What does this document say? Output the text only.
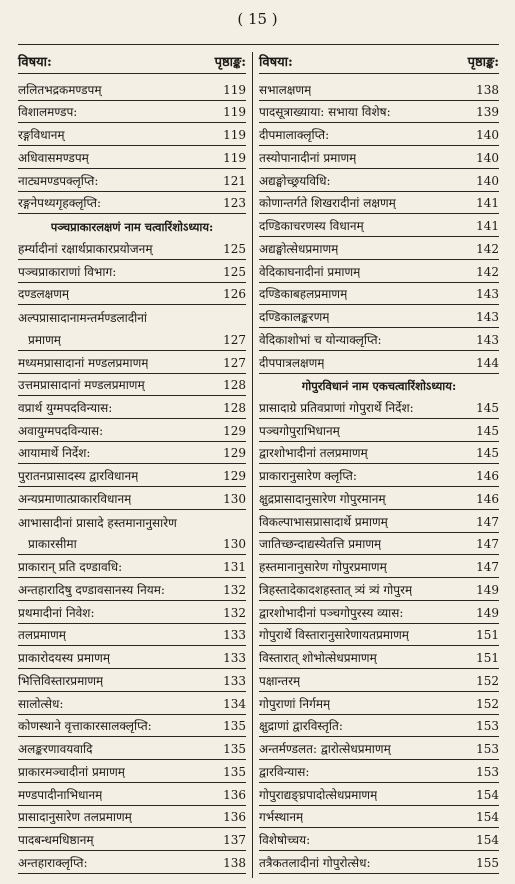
( 15 )
विषया:	पृष्ठाङ्क:
ललितभद्रकमण्डपम्	119
विशालमण्डप:	119
रङ्गविधानम्	119
अधिवासमण्डपम्	119
नाट्यमण्डपक्लृप्ति:	121
रङ्गनेपथ्यगृहक्लृप्ति:	123
पञ्चप्राकारलक्षणं नाम चत्वारिंशोऽध्याय:
हर्म्यादीनां रक्षार्थप्राकारप्रयोजनम्	125
पञ्चप्राकाराणां विभाग:	125
दण्डलक्षणम्	126
अल्पप्रासादानामन्तर्मण्डलादीनां
प्रमाणम्	127
मध्यमप्रासादानां मण्डलप्रमाणम्	127
उत्तमप्रासादानां मण्डलप्रमाणम्	128
वप्रार्थ युग्मपदविन्यास:	128
अवायुग्मपदविन्यास:	129
आयामार्थे निर्देश:	129
पुरातनप्रासादस्य द्वारविधानम्	129
अन्यप्रमाणात्प्राकारविधानम्	130
आभासादीनां प्रासादे हस्तमानानुसारेण
प्राकारसीमा	130
प्राकारान् प्रति दण्डावधि:	131
अन्तहारादिषु दण्डावसानस्य नियम:	132
प्रथमादीनां निवेश:	132
तलप्रमाणम्	133
प्राकारोदयस्य प्रमाणम्	133
भित्तिविस्तारप्रमाणम्	133
सालोत्सेध:	134
कोणस्थाने वृत्ताकारसालक्लृप्ति:	135
अलङ्करणावयवादि	135
प्राकारमञ्चादीनां प्रमाणम्	135
मण्डपादीनाभिधानम्	136
प्रासादानुसारेण तलप्रमाणम्	136
पादबन्धमधिष्ठानम्	137
अन्तहाराक्लृप्ति:	138
विषया:	पृष्ठाङ्क:
सभालक्षणम्	138
पादसूत्राख्याया: सभाया विशेष:	139
दीपमालाक्लृप्ति:	140
तस्योपानादीनां प्रमाणम्	140
अद्यङ्घोच्छ्रयविधि:	140
कोणान्तर्गते शिखरादीनां लक्षणम्	141
दण्डिकाचरणस्य विधानम्	141
अद्यङ्घोत्सेधप्रमाणम्	142
वेदिकाघनादीनां प्रमाणम्	142
दण्डिकाबहलप्रमाणम्	143
दण्डिकालङ्करणम्	143
वेदिकाशोभां च योन्याक्लृप्ति:	143
दीपपात्रलक्षणम्	144
गोपुरविधानं नाम एकचत्वारिंशोऽध्याय:
प्रासादाग्रे प्रतिवप्राणां गोपुरार्थे निर्देश:	145
पञ्चगोपुराभिधानम्	145
द्वारशोभादीनां तलप्रमाणम्	145
प्राकारानुसारेण क्लृप्ति:	146
क्षुद्रप्रासादानुसारेण गोपुरमानम्	146
विकल्पाभासप्रासादार्थे प्रमाणम्	147
जातिच्छन्दाद्यस्येतत्ति प्रमाणम्	147
हस्तमानानुसारेण गोपुरप्रमाणम्	147
त्रिहस्तादेकादशहस्तात् त्र्यं त्र्यं गोपुरम्	149
द्वारशोभादीनां पञ्चगोपुरस्य व्यास:	149
गोपुरार्थे विस्तारानुसारेणायतप्रमाणम्	151
विस्तारात् शोभोत्सेधप्रमाणम्	151
पक्षान्तरम्	152
गोपुराणां निर्गमम्	152
क्षुद्राणां द्वारविस्तृति:	153
अन्तर्मण्डलत: द्वारोत्सेधप्रमाणम्	153
द्वारविन्यास:	153
गोपुराद्यङ्घ्रपादोत्सेधप्रमाणम्	154
गर्भस्थानम्	154
विशेषोच्चय:	154
तत्रैकतलादीनां गोपुरोत्सेध:	155
